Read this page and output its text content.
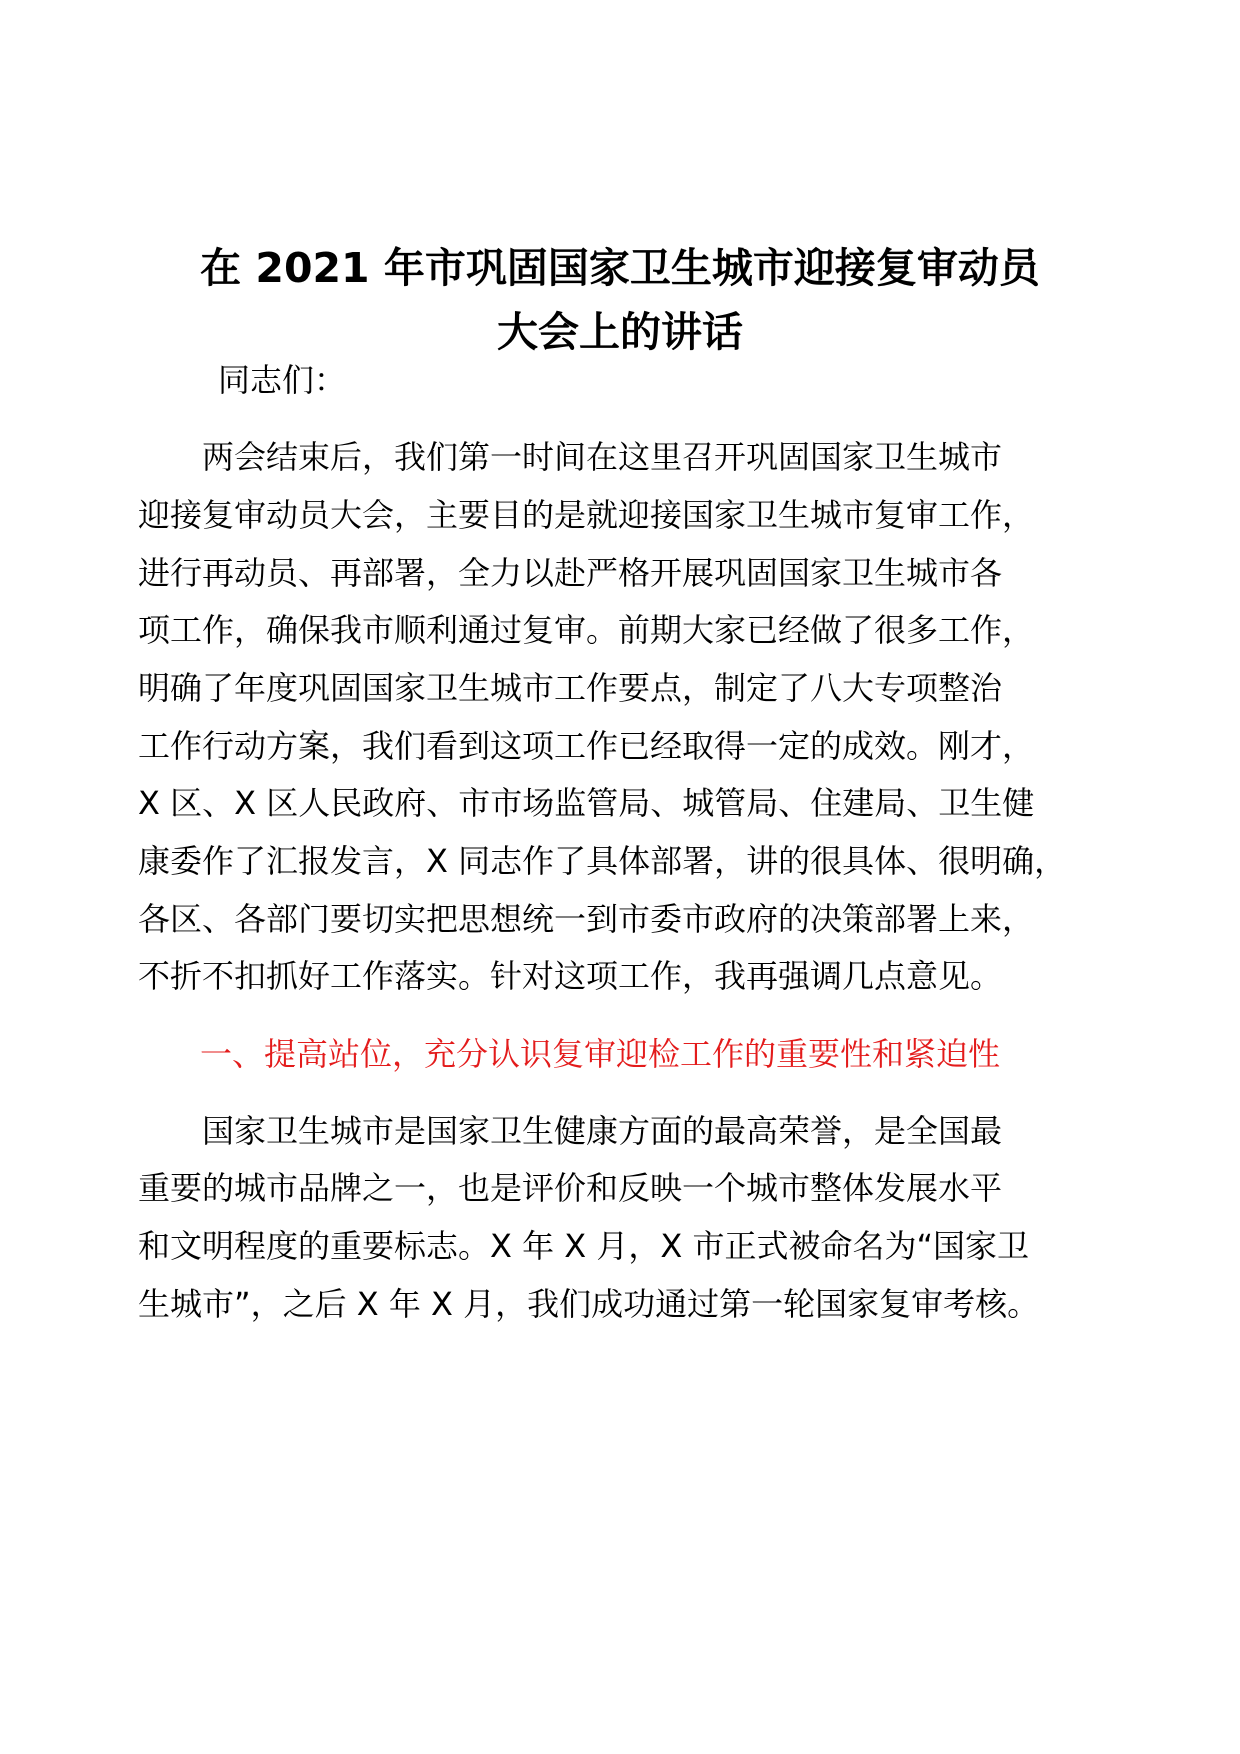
在 2021 年市巩固国家卫生城市迎接复审动员
大会上的讲话

同志们：

两会结束后，我们第一时间在这里召开巩固国家卫生城市

迎接复审动员大会，主要目的是就迎接国家卫生城市复审工作，

进行再动员、再部署，全力以赴严格开展巩固国家卫生城市各

项工作，确保我市顺利通过复审。前期大家已经做了很多工作，

明确了年度巩固国家卫生城市工作要点，制定了八大专项整治

工作行动方案，我们看到这项工作已经取得一定的成效。刚才，

X 区、X 区人民政府、市市场监管局、城管局、住建局、卫生健

康委作了汇报发言，X 同志作了具体部署，讲的很具体、很明确，

各区、各部门要切实把思想统一到市委市政府的决策部署上来，

不折不扣抓好工作落实。针对这项工作，我再强调几点意见。

一、提高站位，充分认识复审迎检工作的重要性和紧迫性

国家卫生城市是国家卫生健康方面的最高荣誉，是全国最

重要的城市品牌之一，也是评价和反映一个城市整体发展水平

和文明程度的重要标志。X 年 X 月，X 市正式被命名为“国家卫

生城市”，之后 X 年 X 月，我们成功通过第一轮国家复审考核。
